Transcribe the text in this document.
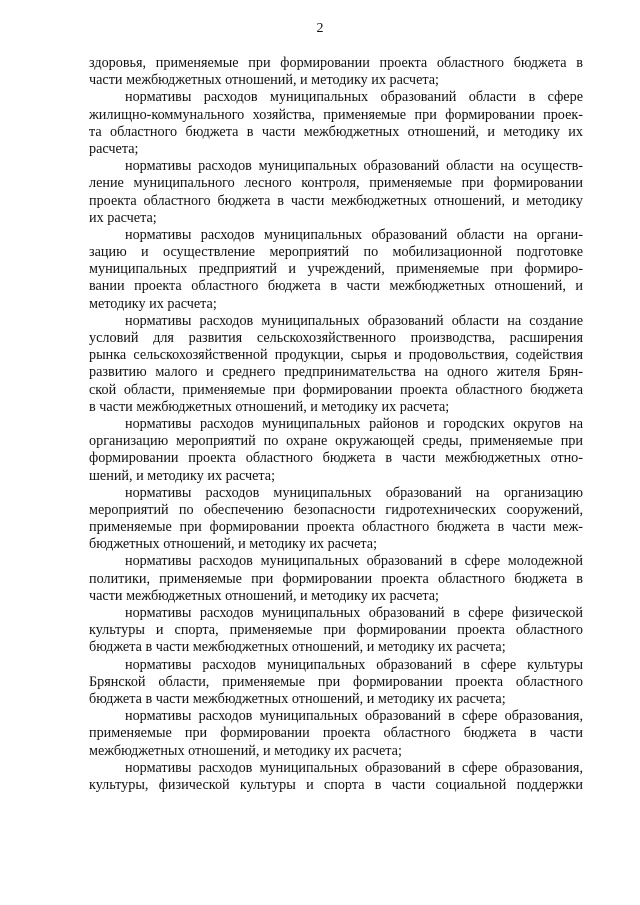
2
здоровья, применяемые при формировании проекта областного бюджета в
части межбюджетных отношений, и методику их расчета;
нормативы расходов муниципальных образований области в сфере
жилищно-коммунального хозяйства, применяемые при формировании проек-
та областного бюджета в части межбюджетных отношений, и методику их
расчета;
нормативы расходов муниципальных образований области на осуществ-
ление муниципального лесного контроля, применяемые при формировании
проекта областного бюджета в части межбюджетных отношений, и методику
их расчета;
нормативы расходов муниципальных образований области на органи-
зацию и осуществление мероприятий по мобилизационной подготовке
муниципальных предприятий и учреждений, применяемые при формиро-
вании проекта областного бюджета в части межбюджетных отношений, и
методику их расчета;
нормативы расходов муниципальных образований области на создание
условий для развития сельскохозяйственного производства, расширения
рынка сельскохозяйственной продукции, сырья и продовольствия, содействия
развитию малого и среднего предпринимательства на одного жителя Брян-
ской области, применяемые при формировании проекта областного бюджета
в части межбюджетных отношений, и методику их расчета;
нормативы расходов муниципальных районов и городских округов на
организацию мероприятий по охране окружающей среды, применяемые при
формировании проекта областного бюджета в части межбюджетных отно-
шений, и методику их расчета;
нормативы расходов муниципальных образований на организацию
мероприятий по обеспечению безопасности гидротехнических сооружений,
применяемые при формировании проекта областного бюджета в части меж-
бюджетных отношений, и методику их расчета;
нормативы расходов муниципальных образований в сфере молодежной
политики, применяемые при формировании проекта областного бюджета в
части межбюджетных отношений, и методику их расчета;
нормативы расходов муниципальных образований в сфере физической
культуры и спорта, применяемые при формировании проекта областного
бюджета в части межбюджетных отношений, и методику их расчета;
нормативы расходов муниципальных образований в сфере культуры
Брянской области, применяемые при формировании проекта областного
бюджета в части межбюджетных отношений, и методику их расчета;
нормативы расходов муниципальных образований в сфере образования,
применяемые при формировании проекта областного бюджета в части
межбюджетных отношений, и методику их расчета;
нормативы расходов муниципальных образований в сфере образования,
культуры, физической культуры и спорта в части социальной поддержки
